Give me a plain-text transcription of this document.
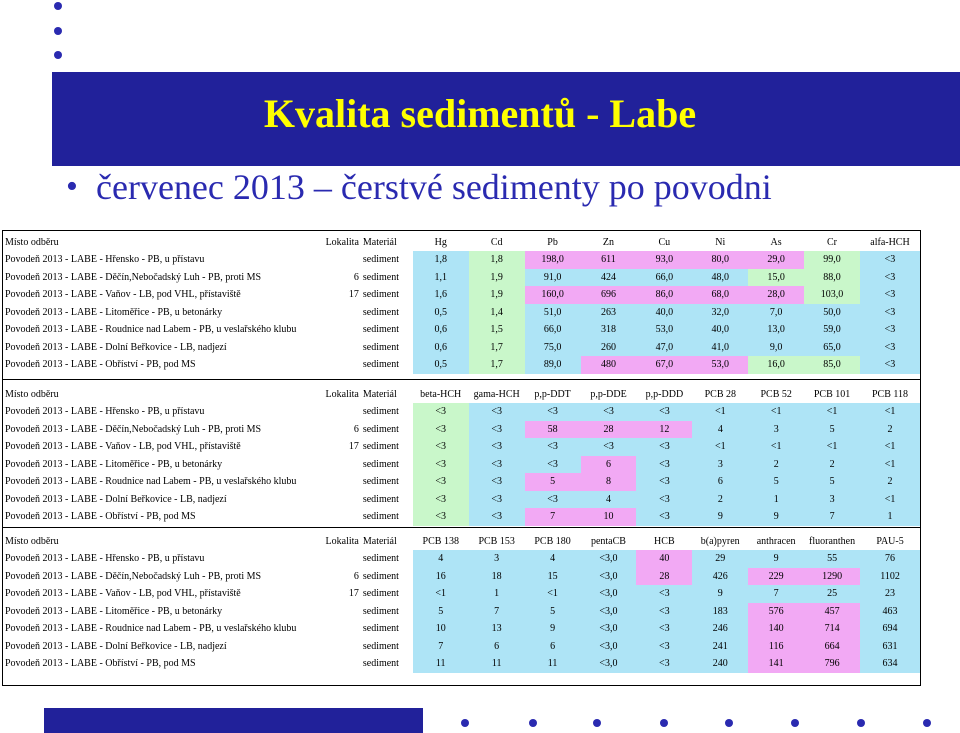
Kvalita sedimentů - Labe
• červenec 2013 – čerstvé sedimenty po povodni
Místo odběru	Lokalita	Materiál	Hg	Cd	Pb	Zn	Cu	Ni	As	Cr	alfa-HCH
Povodeň 2013 - LABE - Hřensko - PB, u přístavu		sediment	1,8	1,8	198,0	611	93,0	80,0	29,0	99,0	<3
Povodeň 2013 - LABE - Děčín,Nebočadský Luh - PB, proti MS	6	sediment	1,1	1,9	91,0	424	66,0	48,0	15,0	88,0	<3
Povodeň 2013 - LABE - Vaňov - LB, pod VHL, přístaviště	17	sediment	1,6	1,9	160,0	696	86,0	68,0	28,0	103,0	<3
Povodeň 2013 - LABE - Litoměřice - PB, u betonárky		sediment	0,5	1,4	51,0	263	40,0	32,0	7,0	50,0	<3
Povodeň 2013 - LABE - Roudnice nad Labem - PB, u veslařského klubu		sediment	0,6	1,5	66,0	318	53,0	40,0	13,0	59,0	<3
Povodeň 2013 - LABE - Dolní Beřkovice - LB, nadjezí		sediment	0,6	1,7	75,0	260	47,0	41,0	9,0	65,0	<3
Povodeň 2013 - LABE - Obříství - PB, pod MS		sediment	0,5	1,7	89,0	480	67,0	53,0	16,0	85,0	<3
Místo odběru	Lokalita	Materiál	beta-HCH	gama-HCH	p,p-DDT	p,p-DDE	p,p-DDD	PCB 28	PCB 52	PCB 101	PCB 118
Povodeň 2013 - LABE - Hřensko - PB, u přístavu		sediment	<3	<3	<3	<3	<3	<1	<1	<1	<1
Povodeň 2013 - LABE - Děčín,Nebočadský Luh - PB, proti MS	6	sediment	<3	<3	58	28	12	4	3	5	2
Povodeň 2013 - LABE - Vaňov - LB, pod VHL, přístaviště	17	sediment	<3	<3	<3	<3	<3	<1	<1	<1	<1
Povodeň 2013 - LABE - Litoměřice - PB, u betonárky		sediment	<3	<3	<3	6	<3	3	2	2	<1
Povodeň 2013 - LABE - Roudnice nad Labem - PB, u veslařského klubu		sediment	<3	<3	5	8	<3	6	5	5	2
Povodeň 2013 - LABE - Dolní Beřkovice - LB, nadjezí		sediment	<3	<3	<3	4	<3	2	1	3	<1
Povodeň 2013 - LABE - Obříství - PB, pod MS		sediment	<3	<3	7	10	<3	9	9	7	1
Místo odběru	Lokalita	Materiál	PCB 138	PCB 153	PCB 180	pentaCB	HCB	b(a)pyren	anthracen	fluoranthen	PAU-5
Povodeň 2013 - LABE - Hřensko - PB, u přístavu		sediment	4	3	4	<3,0	40	29	9	55	76
Povodeň 2013 - LABE - Děčín,Nebočadský Luh - PB, proti MS	6	sediment	16	18	15	<3,0	28	426	229	1290	1102
Povodeň 2013 - LABE - Vaňov - LB, pod VHL, přístaviště	17	sediment	<1	1	<1	<3,0	<3	9	7	25	23
Povodeň 2013 - LABE - Litoměřice - PB, u betonárky		sediment	5	7	5	<3,0	<3	183	576	457	463
Povodeň 2013 - LABE - Roudnice nad Labem - PB, u veslařského klubu		sediment	10	13	9	<3,0	<3	246	140	714	694
Povodeň 2013 - LABE - Dolní Beřkovice - LB, nadjezí		sediment	7	6	6	<3,0	<3	241	116	664	631
Povodeň 2013 - LABE - Obříství - PB, pod MS		sediment	11	11	11	<3,0	<3	240	141	796	634
